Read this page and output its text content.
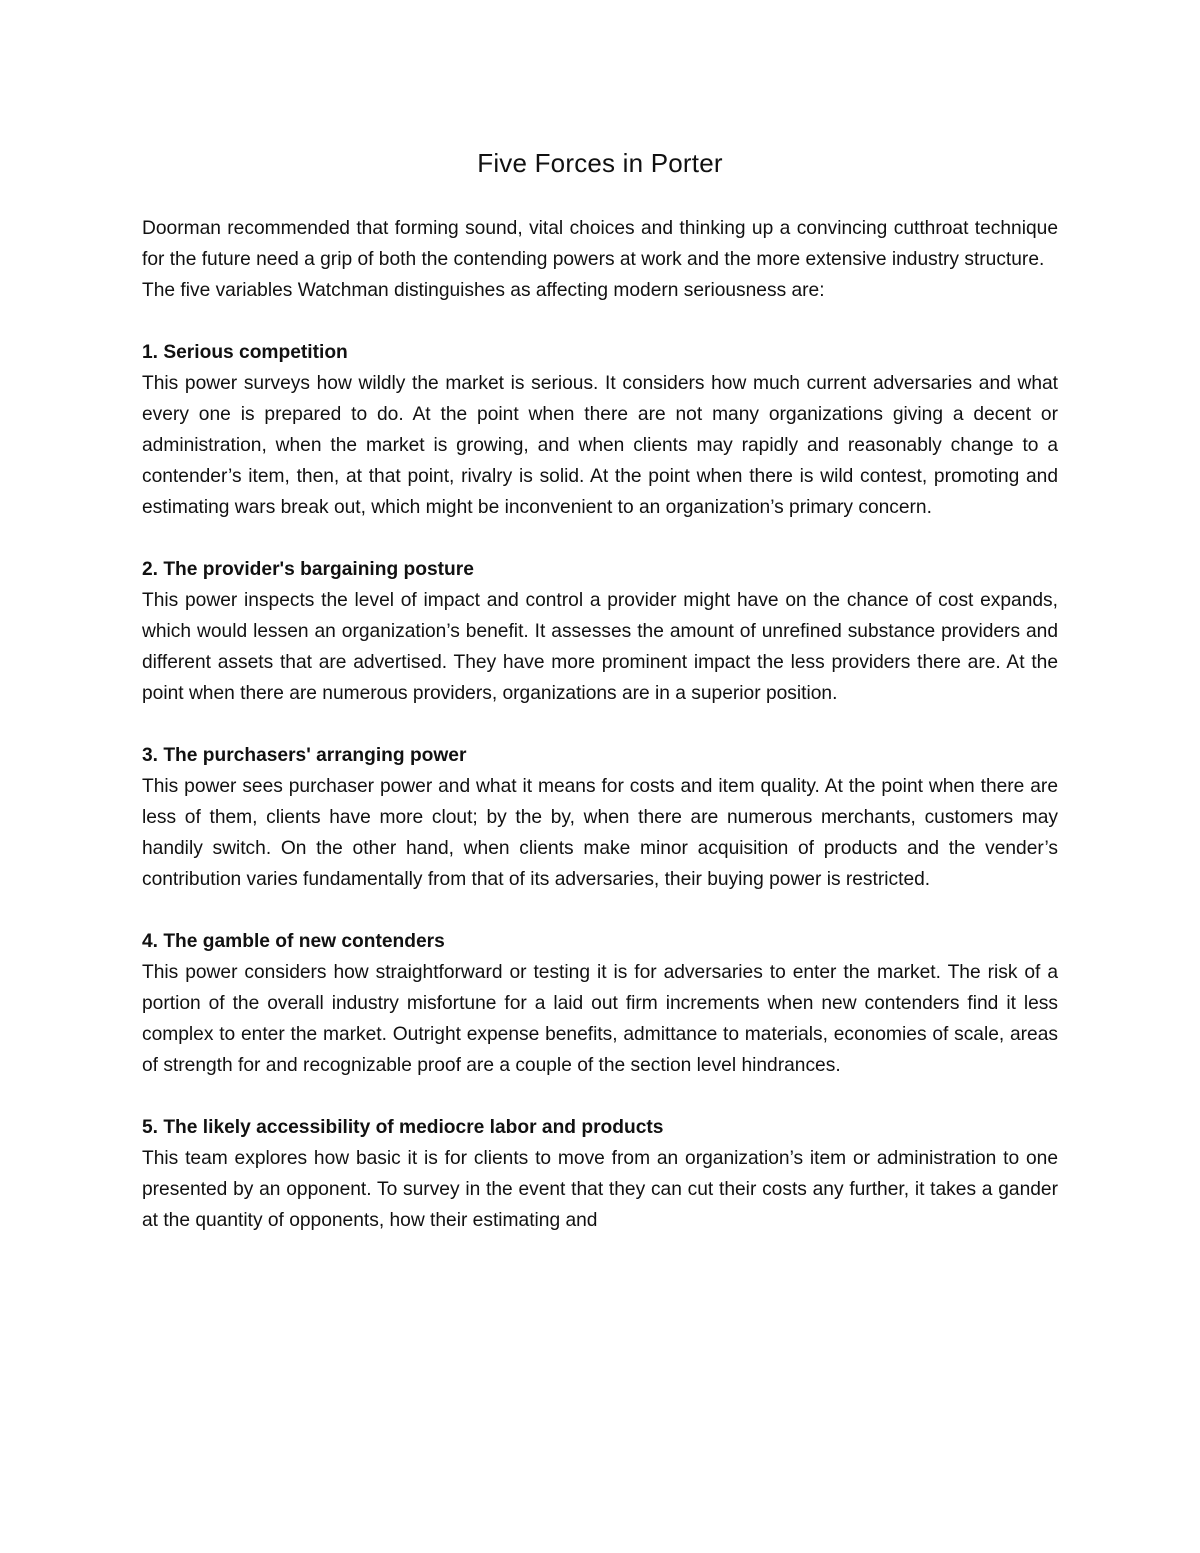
Five Forces in Porter

Doorman recommended that forming sound, vital choices and thinking up a convincing cutthroat technique for the future need a grip of both the contending powers at work and the more extensive industry structure.

The five variables Watchman distinguishes as affecting modern seriousness are:

1. Serious competition

This power surveys how wildly the market is serious. It considers how much current adversaries and what every one is prepared to do. At the point when there are not many organizations giving a decent or administration, when the market is growing, and when clients may rapidly and reasonably change to a contender’s item, then, at that point, rivalry is solid. At the point when there is wild contest, promoting and estimating wars break out, which might be inconvenient to an organization’s primary concern.

2. The provider's bargaining posture

This power inspects the level of impact and control a provider might have on the chance of cost expands, which would lessen an organization’s benefit. It assesses the amount of unrefined substance providers and different assets that are advertised. They have more prominent impact the less providers there are. At the point when there are numerous providers, organizations are in a superior position.

3. The purchasers' arranging power

This power sees purchaser power and what it means for costs and item quality. At the point when there are less of them, clients have more clout; by the by, when there are numerous merchants, customers may handily switch. On the other hand, when clients make minor acquisition of products and the vender’s contribution varies fundamentally from that of its adversaries, their buying power is restricted.

4. The gamble of new contenders

This power considers how straightforward or testing it is for adversaries to enter the market. The risk of a portion of the overall industry misfortune for a laid out firm increments when new contenders find it less complex to enter the market. Outright expense benefits, admittance to materials, economies of scale, areas of strength for and recognizable proof are a couple of the section level hindrances.

5. The likely accessibility of mediocre labor and products

This team explores how basic it is for clients to move from an organization’s item or administration to one presented by an opponent. To survey in the event that they can cut their costs any further, it takes a gander at the quantity of opponents, how their estimating and
